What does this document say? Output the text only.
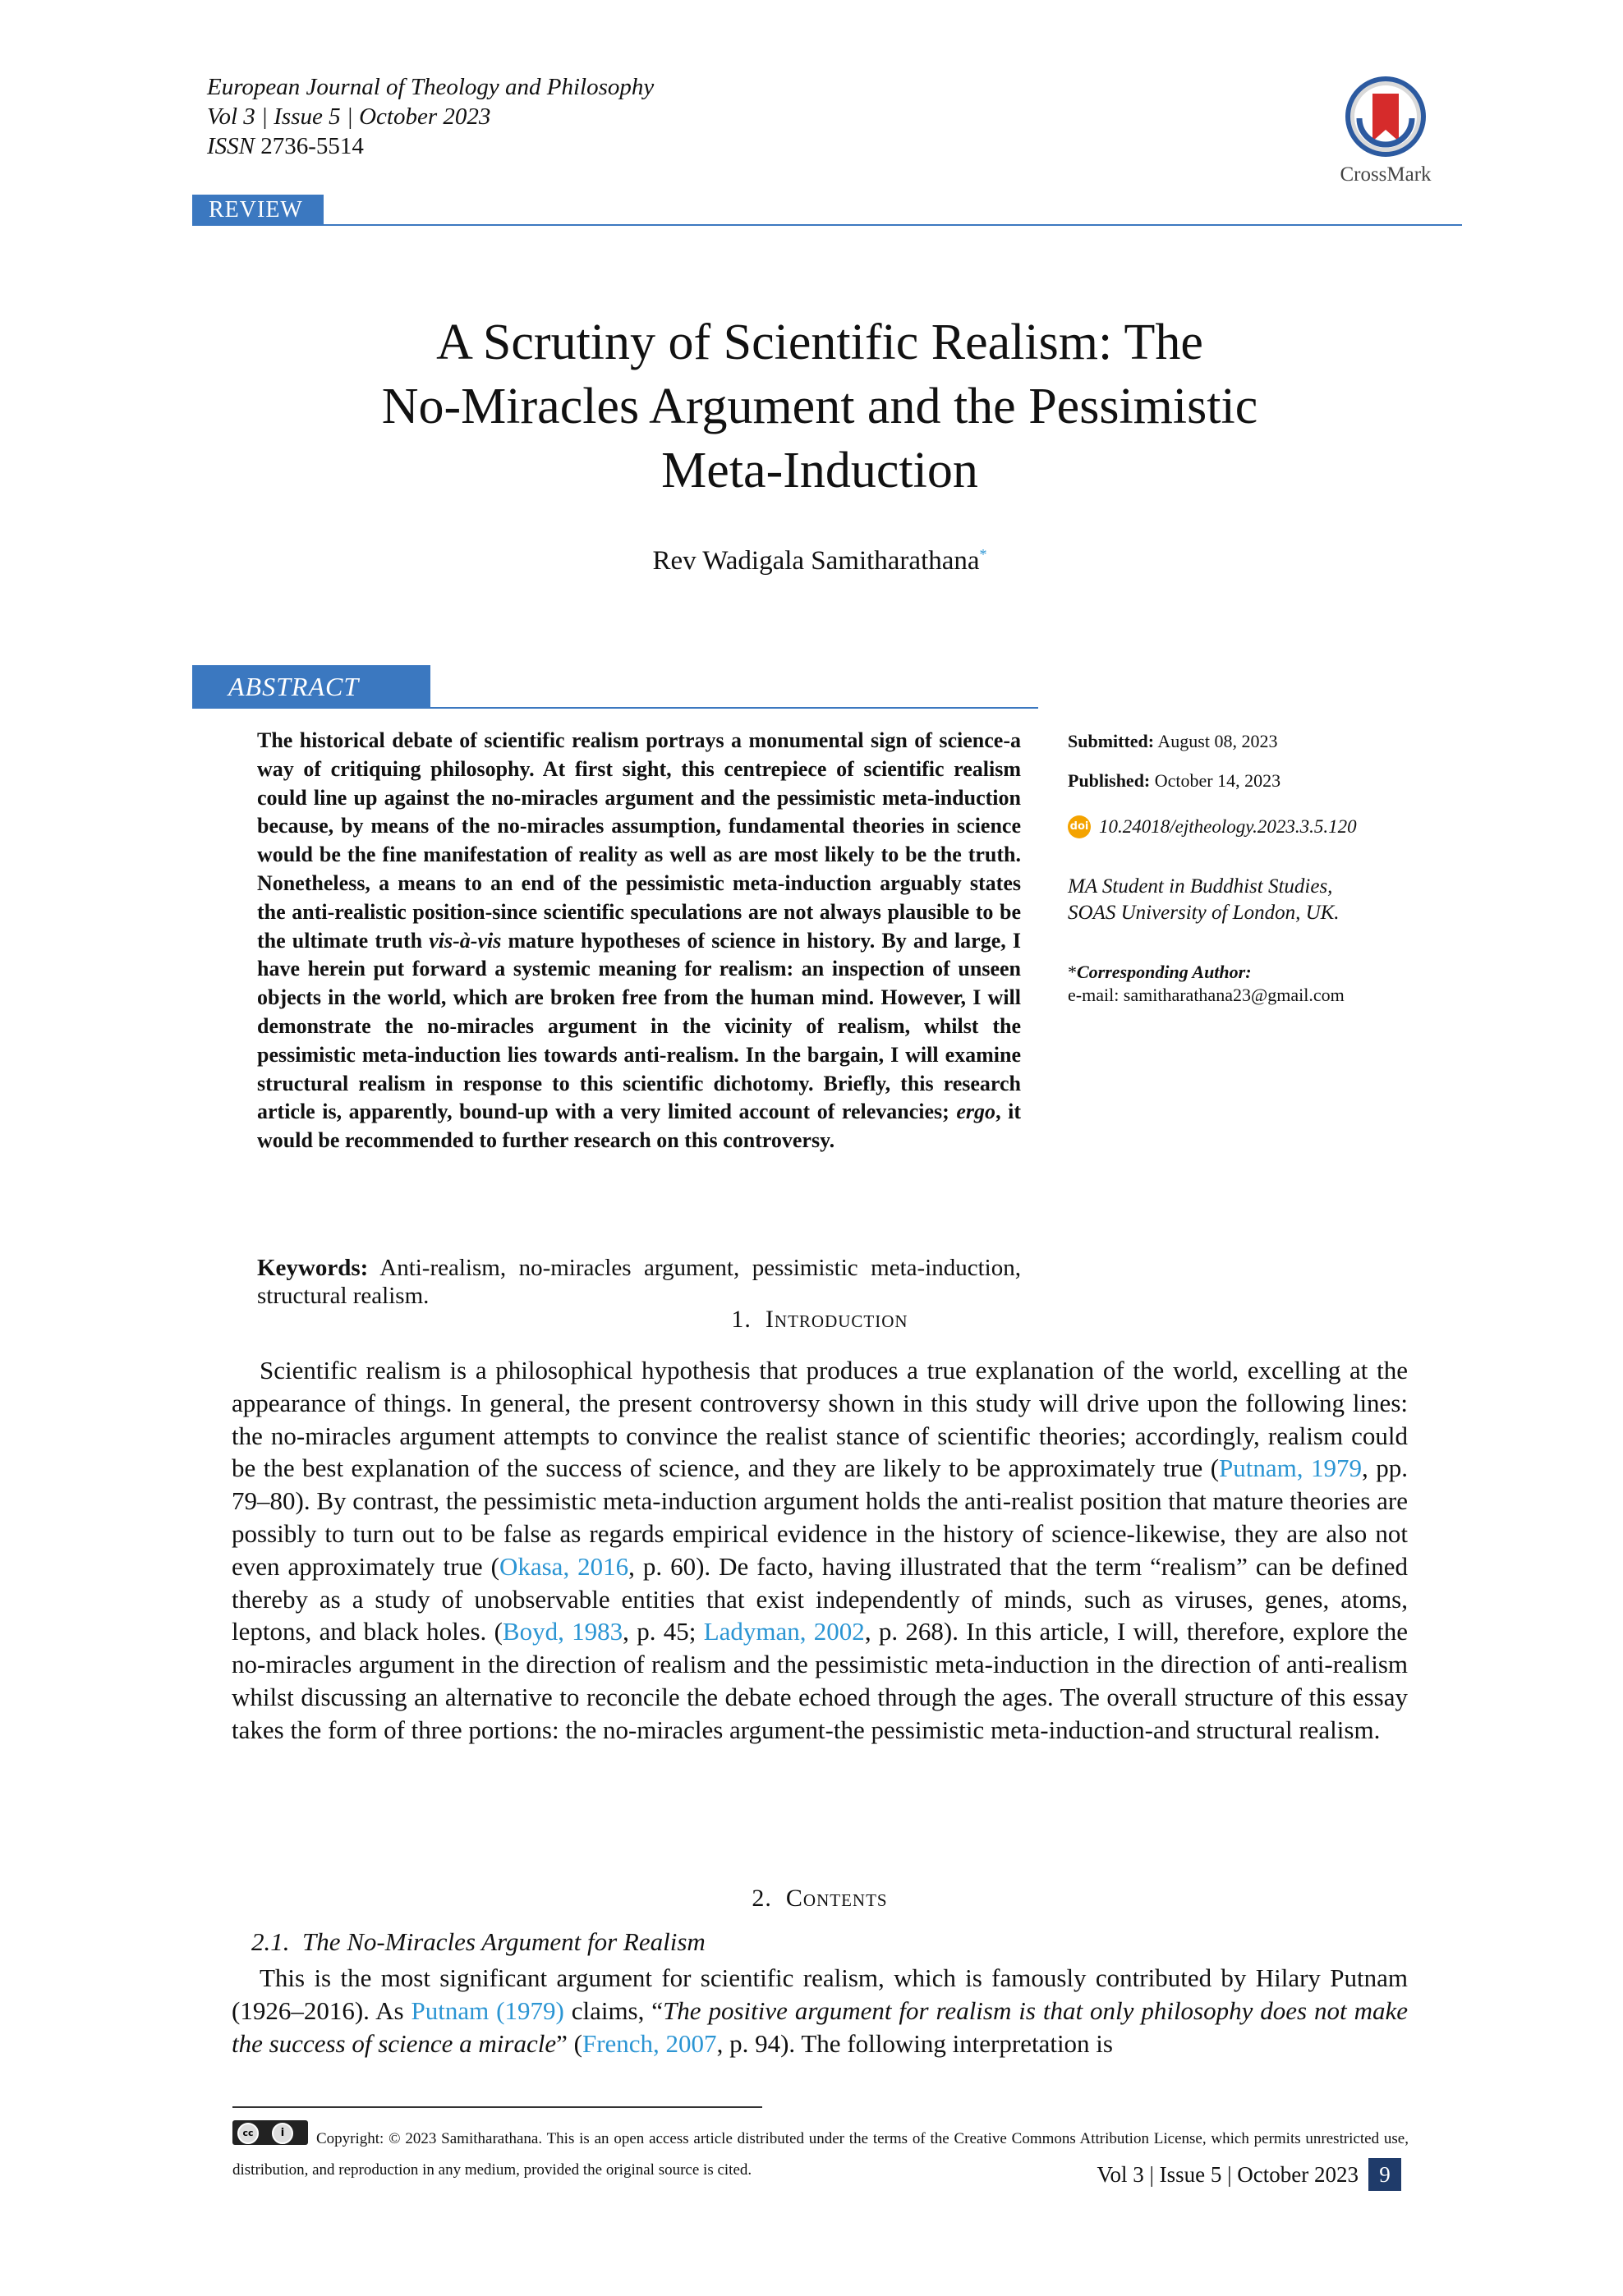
European Journal of Theology and Philosophy
Vol 3 | Issue 5 | October 2023
ISSN 2736-5514
CrossMark
REVIEW
A Scrutiny of Scientific Realism: The
No-Miracles Argument and the Pessimistic
Meta-Induction
Rev Wadigala Samitharathana*
ABSTRACT
The historical debate of scientific realism portrays a monumental sign of science-a way of critiquing philosophy. At first sight, this centrepiece of scientific realism could line up against the no-miracles argument and the pessimistic meta-induction because, by means of the no-miracles assumption, fundamental theories in science would be the fine manifestation of reality as well as are most likely to be the truth. Nonetheless, a means to an end of the pessimistic meta-induction arguably states the anti-realistic position-since scientific speculations are not always plausible to be the ultimate truth vis-à-vis mature hypotheses of science in history. By and large, I have herein put forward a systemic meaning for realism: an inspection of unseen objects in the world, which are broken free from the human mind. However, I will demonstrate the no-miracles argument in the vicinity of realism, whilst the pessimistic meta-induction lies towards anti-realism. In the bargain, I will examine structural realism in response to this scientific dichotomy. Briefly, this research article is, apparently, bound-up with a very limited account of relevancies; ergo, it would be recommended to further research on this controversy.
Keywords: Anti-realism, no-miracles argument, pessimistic meta-induction, structural realism.
Submitted: August 08, 2023
Published: October 14, 2023
doi 10.24018/ejtheology.2023.3.5.120
MA Student in Buddhist Studies,
SOAS University of London, UK.
*Corresponding Author:
e-mail: samitharathana23@gmail.com
1. Introduction
Scientific realism is a philosophical hypothesis that produces a true explanation of the world, excelling at the appearance of things. In general, the present controversy shown in this study will drive upon the following lines: the no-miracles argument attempts to convince the realist stance of scientific theories; accordingly, realism could be the best explanation of the success of science, and they are likely to be approximately true (Putnam, 1979, pp. 79–80). By contrast, the pessimistic meta-induction argument holds the anti-realist position that mature theories are possibly to turn out to be false as regards empirical evidence in the history of science-likewise, they are also not even approximately true (Okasa, 2016, p. 60). De facto, having illustrated that the term “realism” can be defined thereby as a study of unobservable entities that exist independently of minds, such as viruses, genes, atoms, leptons, and black holes. (Boyd, 1983, p. 45; Ladyman, 2002, p. 268). In this article, I will, therefore, explore the no-miracles argument in the direction of realism and the pessimistic meta-induction in the direction of anti-realism whilst discussing an alternative to reconcile the debate echoed through the ages. The overall structure of this essay takes the form of three portions: the no-miracles argument-the pessimistic meta-induction-and structural realism.
2. Contents
2.1. The No-Miracles Argument for Realism
This is the most significant argument for scientific realism, which is famously contributed by Hilary Putnam (1926–2016). As Putnam (1979) claims, “The positive argument for realism is that only philosophy does not make the success of science a miracle” (French, 2007, p. 94). The following interpretation is
cc	i	Copyright: © 2023 Samitharathana. This is an open access article distributed under the terms of the Creative Commons Attribution License, which permits unrestricted use, distribution, and reproduction in any medium, provided the original source is cited.	Vol 3 | Issue 5 | October 2023 9
